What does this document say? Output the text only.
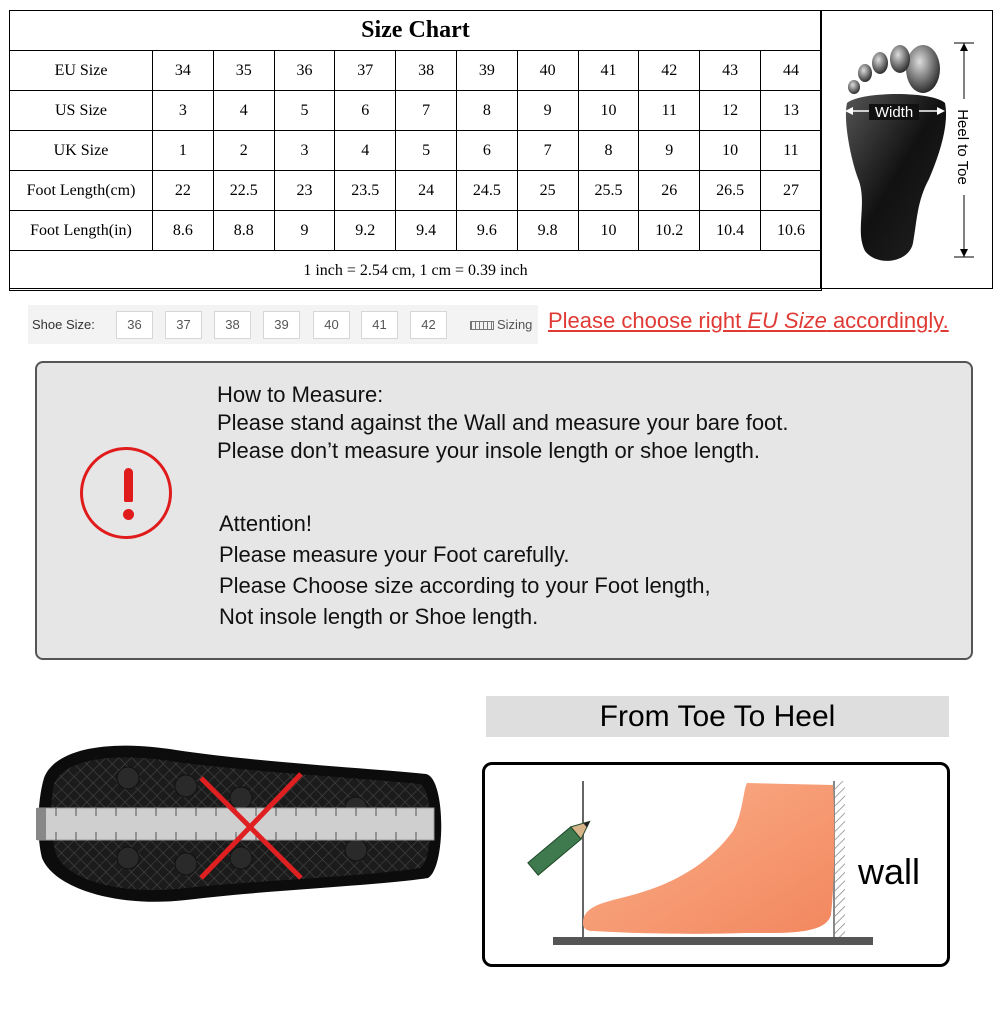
Size Chart											
EU Size	34	35	36	37	38	39	40	41	42	43	44
US Size	3	4	5	6	7	8	9	10	11	12	13
UK Size	1	2	3	4	5	6	7	8	9	10	11
Foot Length(cm)	22	22.5	23	23.5	24	24.5	25	25.5	26	26.5	27
Foot Length(in)	8.6	8.8	9	9.2	9.4	9.6	9.8	10	10.2	10.4	10.6
1 inch = 2.54 cm, 1 cm = 0.39 inch											
Width	Heel to Toe
Shoe Size:	36	37	38	39	40	41	42	Sizing Please choose right EU Size accordingly.
How to Measure:
Please stand against the Wall and measure your bare foot.
Please don’t measure your insole length or shoe length.
Attention!
Please measure your Foot carefully.
Please Choose size according to your Foot length,
Not insole length or Shoe length.
From Toe To Heel
wall
